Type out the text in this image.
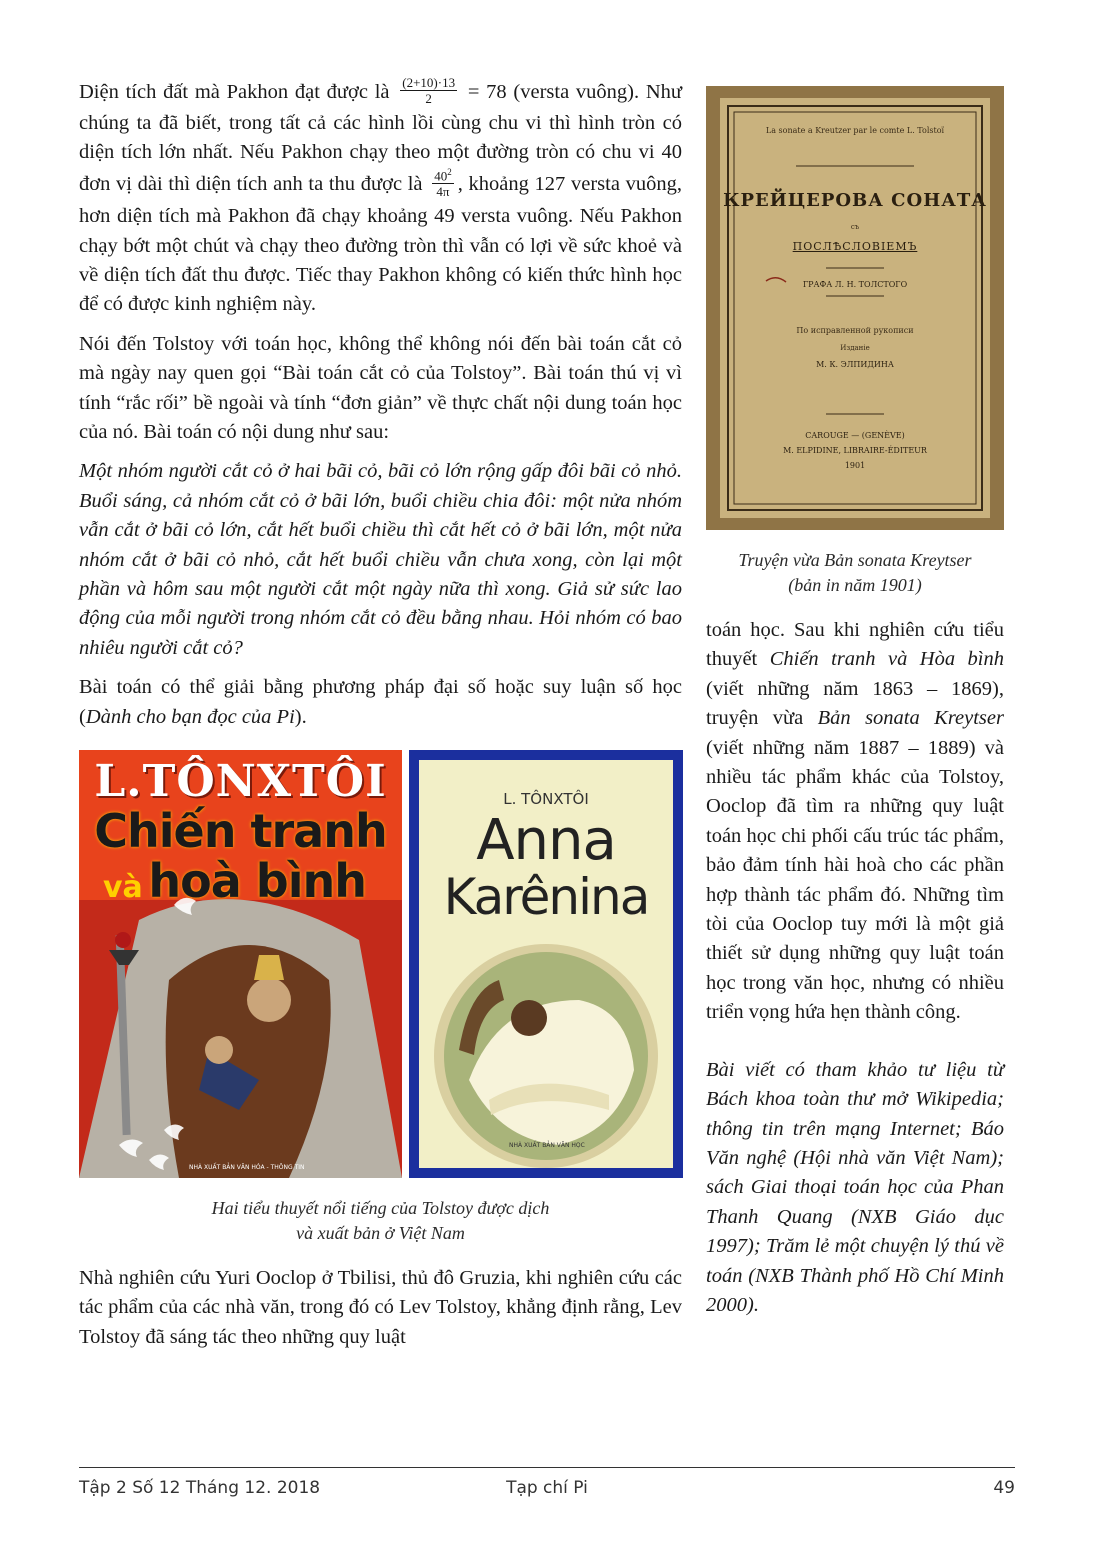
Diện tích đất mà Pakhon đạt được là $\frac{(2+10)\cdot 13}{2} = 78$ (versta vuông). Như chúng ta đã biết, trong tất cả các hình lồi cùng chu vi thì hình tròn có diện tích lớn nhất. Nếu Pakhon chạy theo một đường tròn có chu vi 40 đơn vị dài thì diện tích anh ta thu được là $\frac{40^2}{4\pi}$ , khoảng 127 versta vuông, hơn diện tích mà Pakhon đã chạy khoảng 49 versta vuông. Nếu Pakhon chạy bớt một chút và chạy theo đường tròn thì vẫn có lợi về sức khoẻ và về diện tích đất thu được. Tiếc thay Pakhon không có kiến thức hình học để có được kinh nghiệm này.

Nói đến Tolstoy với toán học, không thể không nói đến bài toán cắt cỏ mà ngày nay quen gọi “Bài toán cắt cỏ của Tolstoy”. Bài toán thú vị vì tính “rắc rối” bề ngoài và tính “đơn giản” về thực chất nội dung toán học của nó. Bài toán có nội dung như sau:

Một nhóm người cắt cỏ ở hai bãi cỏ, bãi cỏ lớn rộng gấp đôi bãi cỏ nhỏ. Buổi sáng, cả nhóm cắt cỏ ở bãi lớn, buổi chiều chia đôi: một nửa nhóm vẫn cắt ở bãi cỏ lớn, cắt hết buổi chiều thì cắt hết cỏ ở bãi lớn, một nửa nhóm cắt ở bãi cỏ nhỏ, cắt hết buổi chiều vẫn chưa xong, còn lại một phần và hôm sau một người cắt một ngày nữa thì xong. Giả sử sức lao động của mỗi người trong nhóm cắt cỏ đều bằng nhau. Hỏi nhóm có bao nhiêu người cắt cỏ?

Bài toán có thể giải bằng phương pháp đại số hoặc suy luận số học (Dành cho bạn đọc của Pi).

L.TÔNXTÔI
Chiến tranh
và hoà bình
NHÀ XUẤT BẢN VĂN HÓA - THÔNG TIN
L. TÔNXTÔI
Anna
Karênina
NHÀ XUẤT BẢN VĂN HỌC
Hai tiểu thuyết nổi tiếng của Tolstoy được dịch
và xuất bản ở Việt Nam

Nhà nghiên cứu Yuri Ooclop ở Tbilisi, thủ đô Gruzia, khi nghiên cứu các tác phẩm của các nhà văn, trong đó có Lev Tolstoy, khẳng định rằng, Lev Tolstoy đã sáng tác theo những quy luật

La sonate a Kreutzer par le comte L. Tolstoï
КРЕЙЦЕРОВА СОНАТА
съ
ПОСЛѢСЛОВІЕМЪ
ГРАФА Л. Н. ТОЛСТОГО
По исправленной рукописи
Изданіе
М. К. ЭЛПИДИНА
CAROUGE — (GENÈVE)
M. ELPIDINE, LIBRAIRE-ÉDITEUR
1901
Truyện vừa Bản sonata Kreytser
(bản in năm 1901)

toán học. Sau khi nghiên cứu tiểu thuyết Chiến tranh và Hòa bình (viết những năm 1863 – 1869), truyện vừa Bản sonata Kreytser (viết những năm 1887 – 1889) và nhiều tác phẩm khác của Tolstoy, Ooclop đã tìm ra những quy luật toán học chi phối cấu trúc tác phẩm, bảo đảm tính hài hoà cho các phần hợp thành tác phẩm đó. Những tìm tòi của Ooclop tuy mới là một giả thiết sử dụng những quy luật toán học trong văn học, nhưng có nhiều triển vọng hứa hẹn thành công.

Bài viết có tham khảo tư liệu từ Bách khoa toàn thư mở Wikipedia; thông tin trên mạng Internet; Báo Văn nghệ (Hội nhà văn Việt Nam); sách Giai thoại toán học của Phan Thanh Quang (NXB Giáo dục 1997); Trăm lẻ một chuyện lý thú về toán (NXB Thành phố Hồ Chí Minh 2000).

Tập 2 Số 12 Tháng 12. 2018	Tạp chí Pi	49
